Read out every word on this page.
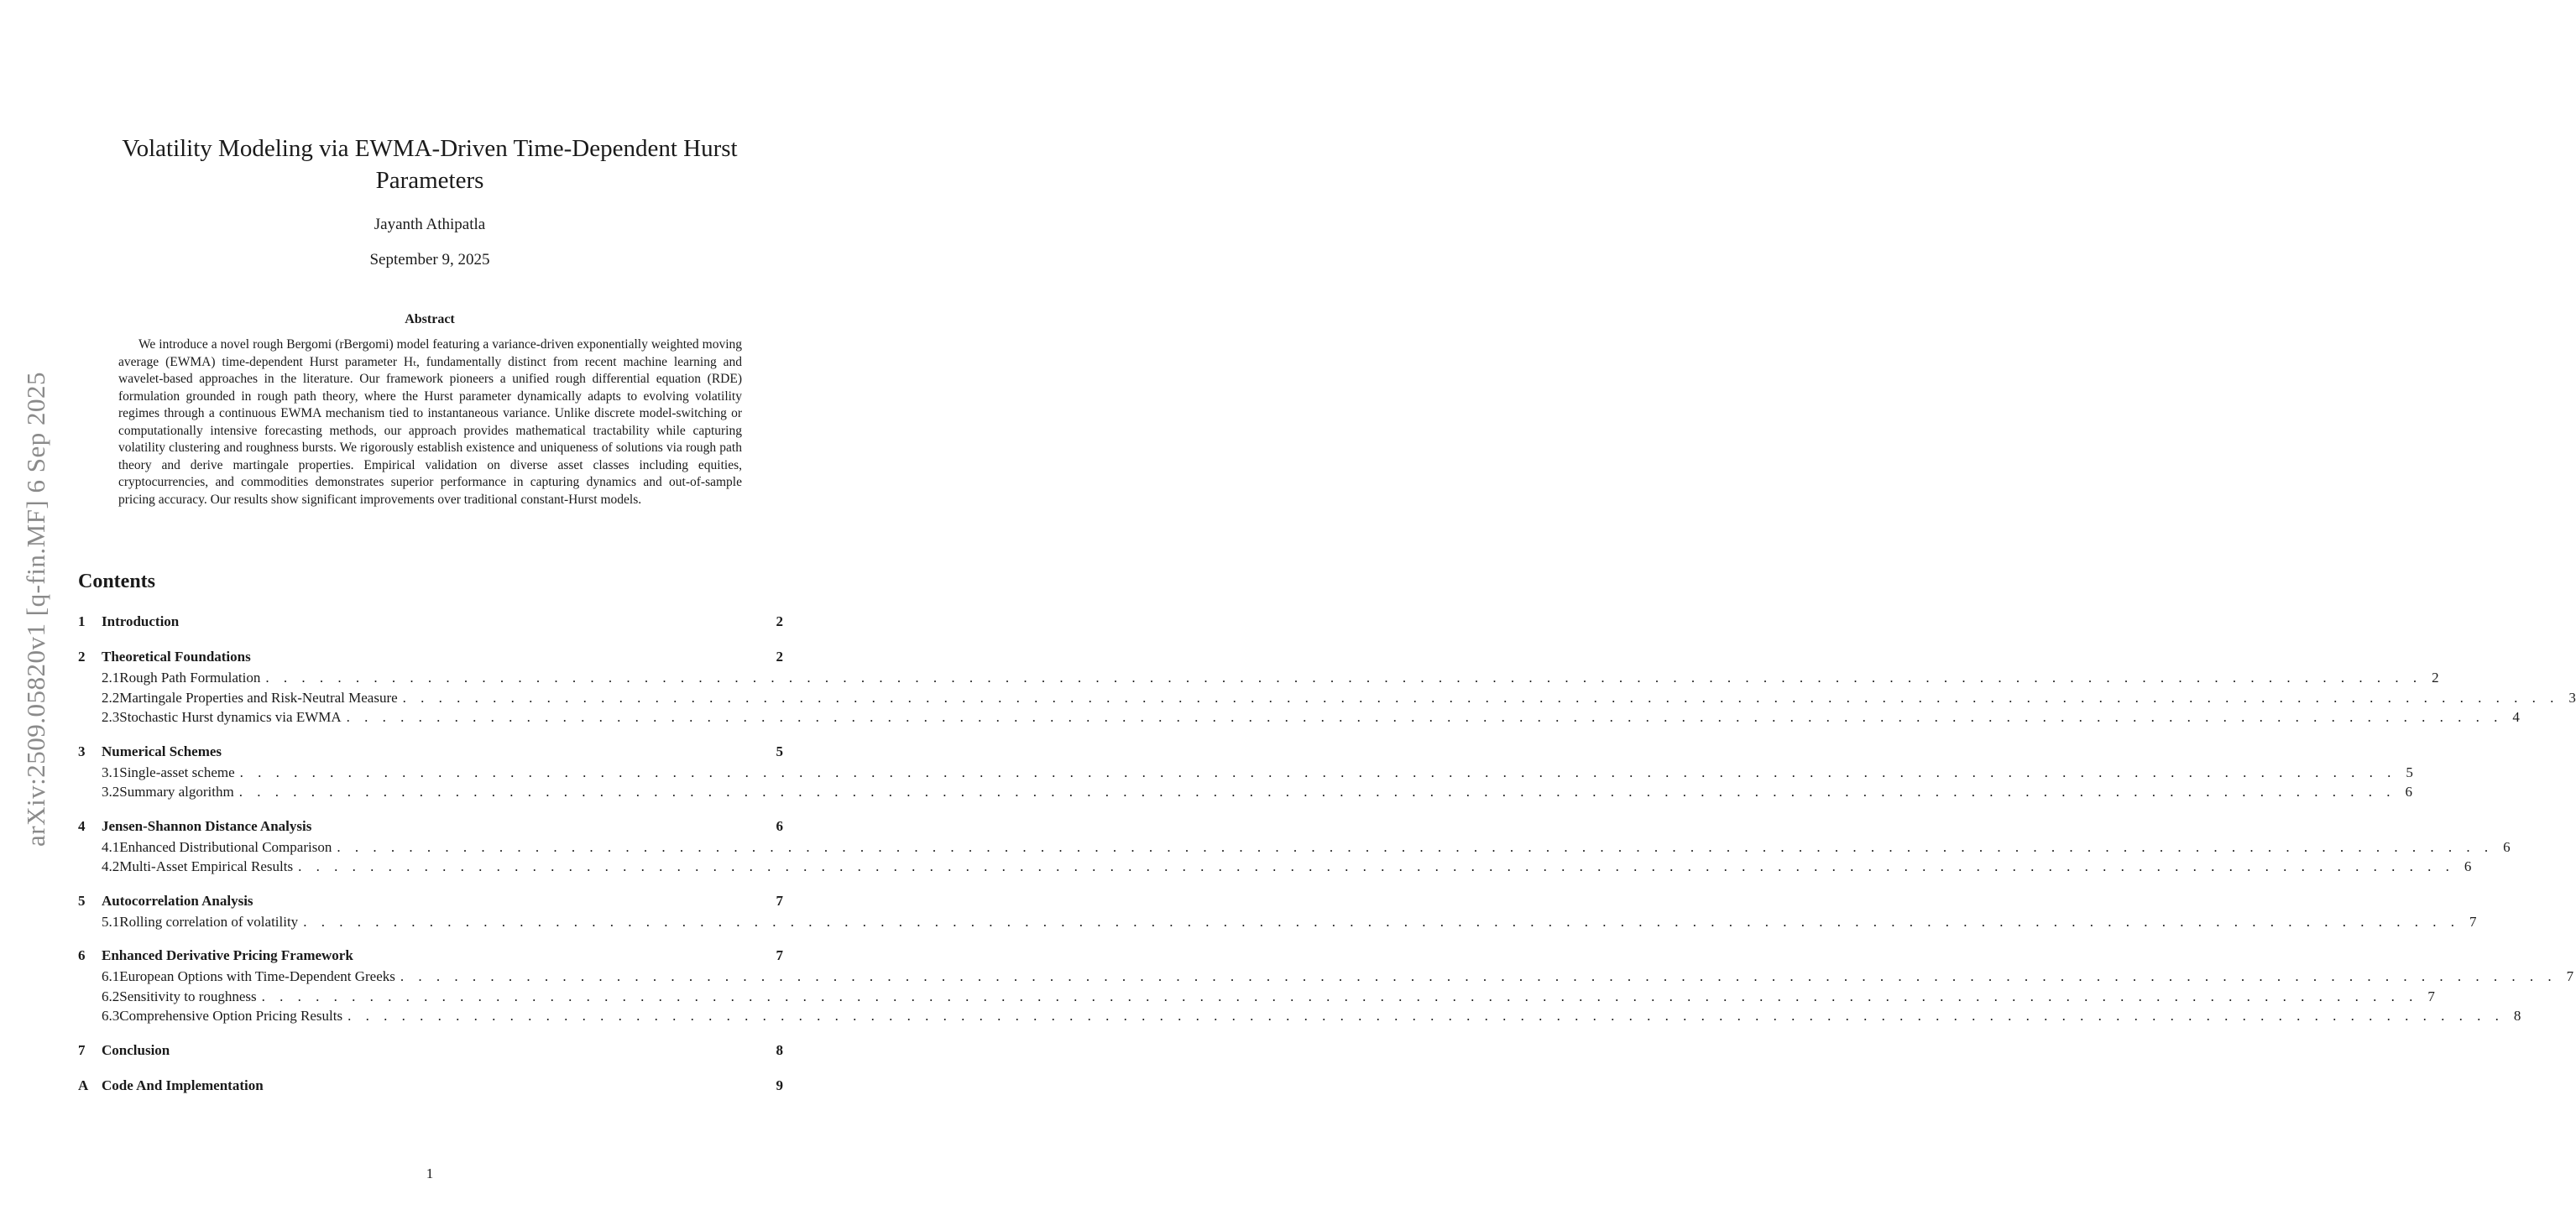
arXiv:2509.05820v1 [q-fin.MF] 6 Sep 2025
Volatility Modeling via EWMA-Driven Time-Dependent Hurst Parameters
Jayanth Athipatla
September 9, 2025
Abstract

We introduce a novel rough Bergomi (rBergomi) model featuring a variance-driven exponentially weighted moving average (EWMA) time-dependent Hurst parameter Hₜ, fundamentally distinct from recent machine learning and wavelet-based approaches in the literature. Our framework pioneers a unified rough differential equation (RDE) formulation grounded in rough path theory, where the Hurst parameter dynamically adapts to evolving volatility regimes through a continuous EWMA mechanism tied to instantaneous variance. Unlike discrete model-switching or computationally intensive forecasting methods, our approach provides mathematical tractability while capturing volatility clustering and roughness bursts. We rigorously establish existence and uniqueness of solutions via rough path theory and derive martingale properties. Empirical validation on diverse asset classes including equities, cryptocurrencies, and commodities demonstrates superior performance in capturing dynamics and out-of-sample pricing accuracy. Our results show significant improvements over traditional constant-Hurst models.

Contents
1	Introduction	2
2	Theoretical Foundations	2
2.1 Rough Path Formulation . . . . . . . . . . . . . . . . . . . . . . . . . . . . . . . . . . . . . . . . . . . . . . . . . . . . . . . . . . . . . . . . . . . . . . . . . . . . . . . . . . . . . . . . . . . . . . . . . . . . . . . . . . . . . . . . . . . . . . . . 2
2.2 Martingale Properties and Risk-Neutral Measure . . . . . . . . . . . . . . . . . . . . . . . . . . . . . . . . . . . . . . . . . . . . . . . . . . . . . . . . . . . . . . . . . . . . . . . . . . . . . . . . . . . . . . . . . . . . . . . . . . . . . . . . . . . . . . . . . . . . . . . . 3
2.3 Stochastic Hurst dynamics via EWMA . . . . . . . . . . . . . . . . . . . . . . . . . . . . . . . . . . . . . . . . . . . . . . . . . . . . . . . . . . . . . . . . . . . . . . . . . . . . . . . . . . . . . . . . . . . . . . . . . . . . . . . . . . . . . . . . . . . . . . . . 4
3	Numerical Schemes	5
3.1 Single-asset scheme . . . . . . . . . . . . . . . . . . . . . . . . . . . . . . . . . . . . . . . . . . . . . . . . . . . . . . . . . . . . . . . . . . . . . . . . . . . . . . . . . . . . . . . . . . . . . . . . . . . . . . . . . . . . . . . . . . . . . . . . 5
3.2 Summary algorithm . . . . . . . . . . . . . . . . . . . . . . . . . . . . . . . . . . . . . . . . . . . . . . . . . . . . . . . . . . . . . . . . . . . . . . . . . . . . . . . . . . . . . . . . . . . . . . . . . . . . . . . . . . . . . . . . . . . . . . . . 6
4	Jensen-Shannon Distance Analysis	6
4.1 Enhanced Distributional Comparison . . . . . . . . . . . . . . . . . . . . . . . . . . . . . . . . . . . . . . . . . . . . . . . . . . . . . . . . . . . . . . . . . . . . . . . . . . . . . . . . . . . . . . . . . . . . . . . . . . . . . . . . . . . . . . . . . . . . . . . . 6
4.2 Multi-Asset Empirical Results . . . . . . . . . . . . . . . . . . . . . . . . . . . . . . . . . . . . . . . . . . . . . . . . . . . . . . . . . . . . . . . . . . . . . . . . . . . . . . . . . . . . . . . . . . . . . . . . . . . . . . . . . . . . . . . . . . . . . . . . 6
5	Autocorrelation Analysis	7
5.1 Rolling correlation of volatility . . . . . . . . . . . . . . . . . . . . . . . . . . . . . . . . . . . . . . . . . . . . . . . . . . . . . . . . . . . . . . . . . . . . . . . . . . . . . . . . . . . . . . . . . . . . . . . . . . . . . . . . . . . . . . . . . . . . . . . . 7
6	Enhanced Derivative Pricing Framework	7
6.1 European Options with Time-Dependent Greeks . . . . . . . . . . . . . . . . . . . . . . . . . . . . . . . . . . . . . . . . . . . . . . . . . . . . . . . . . . . . . . . . . . . . . . . . . . . . . . . . . . . . . . . . . . . . . . . . . . . . . . . . . . . . . . . . . . . . . . . . 7
6.2 Sensitivity to roughness . . . . . . . . . . . . . . . . . . . . . . . . . . . . . . . . . . . . . . . . . . . . . . . . . . . . . . . . . . . . . . . . . . . . . . . . . . . . . . . . . . . . . . . . . . . . . . . . . . . . . . . . . . . . . . . . . . . . . . . . 7
6.3 Comprehensive Option Pricing Results . . . . . . . . . . . . . . . . . . . . . . . . . . . . . . . . . . . . . . . . . . . . . . . . . . . . . . . . . . . . . . . . . . . . . . . . . . . . . . . . . . . . . . . . . . . . . . . . . . . . . . . . . . . . . . . . . . . . . . . . 8
7	Conclusion	8
A Code And Implementation	9
1
